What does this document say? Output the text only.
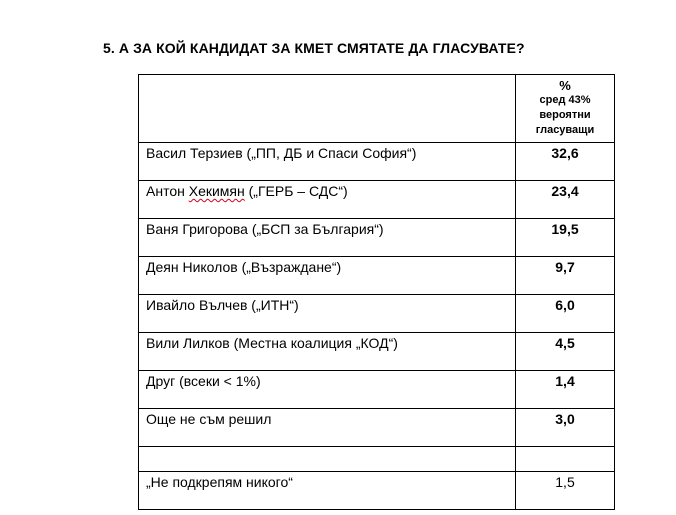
5. А ЗА КОЙ КАНДИДАТ ЗА КМЕТ СМЯТАТЕ ДА ГЛАСУВАТЕ?

	%
сред 43%
вероятни
гласуващи

Васил Терзиев („ПП, ДБ и Спаси София“)	32,6
Антон Хекимян („ГЕРБ – СДС“)	23,4
Ваня Григорова („БСП за България“)	19,5
Деян Николов („Възраждане“)	9,7
Ивайло Вълчев („ИТН“)	6,0
Вили Лилков (Местна коалиция „КОД“)	4,5
Друг (всеки < 1%)	1,4
Още не съм решил	3,0

„Не подкрепям никого“	1,5
